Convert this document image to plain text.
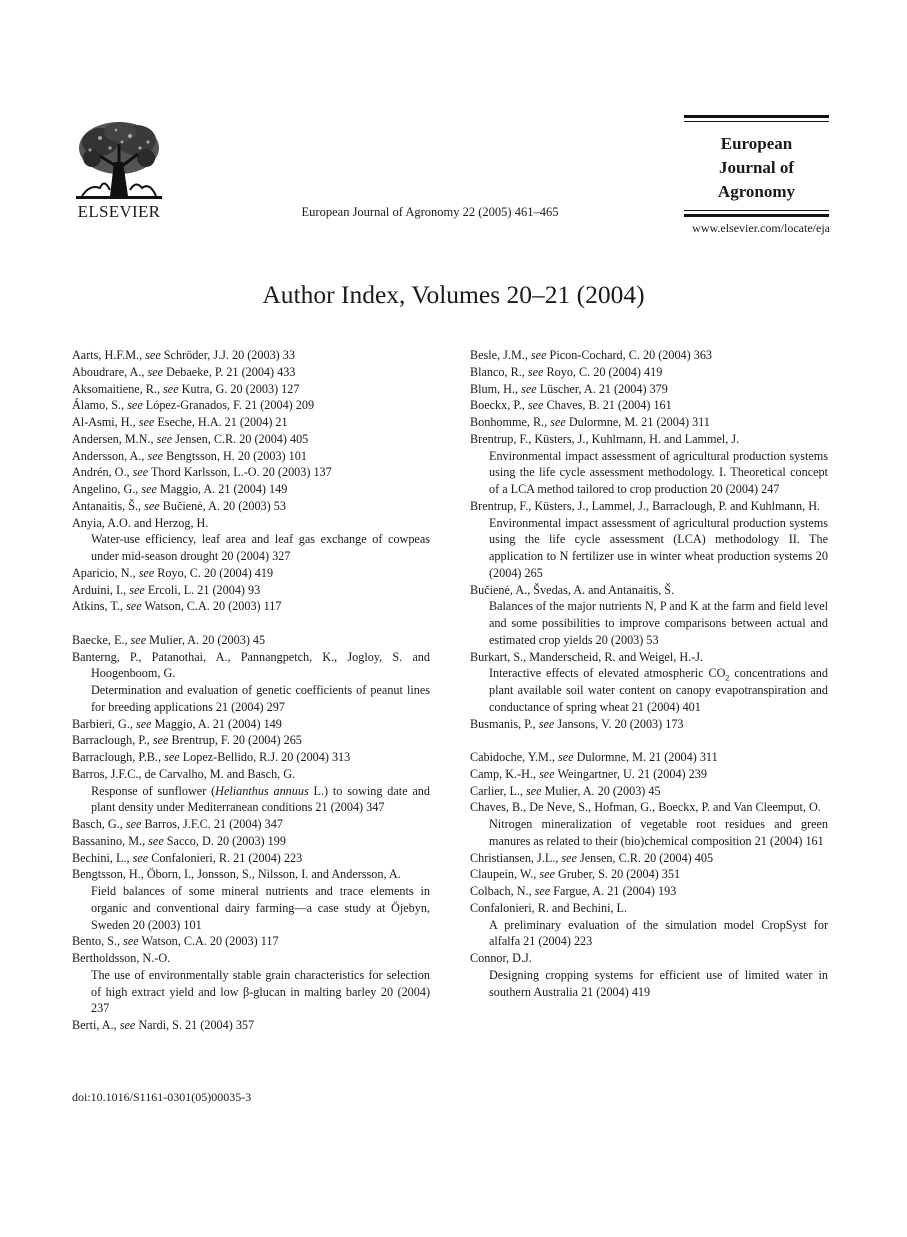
ELSEVIER	European Journal of Agronomy 22 (2005) 461–465
European
Journal of
Agronomy
www.elsevier.com/locate/eja
Author Index, Volumes 20–21 (2004)
Aarts, H.F.M., see Schröder, J.J. 20 (2003) 33
Aboudrare, A., see Debaeke, P. 21 (2004) 433
Aksomaitiene, R., see Kutra, G. 20 (2003) 127
Álamo, S., see López-Granados, F. 21 (2004) 209
Al-Asmi, H., see Eseche, H.A. 21 (2004) 21
Andersen, M.N., see Jensen, C.R. 20 (2004) 405
Andersson, A., see Bengtsson, H. 20 (2003) 101
Andrén, O., see Thord Karlsson, L.-O. 20 (2003) 137
Angelino, G., see Maggio, A. 21 (2004) 149
Antanaitis, Š., see Bučienė, A. 20 (2003) 53
Anyia, A.O. and Herzog, H.
Water-use efficiency, leaf area and leaf gas exchange of cowpeas under mid-season drought 20 (2004) 327
Aparicio, N., see Royo, C. 20 (2004) 419
Arduini, I., see Ercoli, L. 21 (2004) 93
Atkins, T., see Watson, C.A. 20 (2003) 117
Baecke, E., see Mulier, A. 20 (2003) 45
Banterng, P., Patanothai, A., Pannangpetch, K., Jogloy, S. and Hoogenboom, G.
Determination and evaluation of genetic coefficients of peanut lines for breeding applications 21 (2004) 297
Barbieri, G., see Maggio, A. 21 (2004) 149
Barraclough, P., see Brentrup, F. 20 (2004) 265
Barraclough, P.B., see Lopez-Bellido, R.J. 20 (2004) 313
Barros, J.F.C., de Carvalho, M. and Basch, G.
Response of sunflower (Helianthus annuus L.) to sowing date and plant density under Mediterranean conditions 21 (2004) 347
Basch, G., see Barros, J.F.C. 21 (2004) 347
Bassanino, M., see Sacco, D. 20 (2003) 199
Bechini, L., see Confalonieri, R. 21 (2004) 223
Bengtsson, H., Öborn, I., Jonsson, S., Nilsson, I. and Andersson, A.
Field balances of some mineral nutrients and trace elements in organic and conventional dairy farming—a case study at Öjebyn, Sweden 20 (2003) 101
Bento, S., see Watson, C.A. 20 (2003) 117
Bertholdsson, N.-O.
The use of environmentally stable grain characteristics for selection of high extract yield and low β-glucan in malting barley 20 (2004) 237
Berti, A., see Nardi, S. 21 (2004) 357
Besle, J.M., see Picon-Cochard, C. 20 (2004) 363
Blanco, R., see Royo, C. 20 (2004) 419
Blum, H., see Lüscher, A. 21 (2004) 379
Boeckx, P., see Chaves, B. 21 (2004) 161
Bonhomme, R., see Dulormne, M. 21 (2004) 311
Brentrup, F., Küsters, J., Kuhlmann, H. and Lammel, J.
Environmental impact assessment of agricultural production systems using the life cycle assessment methodology. I. Theoretical concept of a LCA method tailored to crop production 20 (2004) 247
Brentrup, F., Küsters, J., Lammel, J., Barraclough, P. and Kuhlmann, H.
Environmental impact assessment of agricultural production systems using the life cycle assessment (LCA) methodology II. The application to N fertilizer use in winter wheat production systems 20 (2004) 265
Bučienė, A., Švedas, A. and Antanaitis, Š.
Balances of the major nutrients N, P and K at the farm and field level and some possibilities to improve comparisons between actual and estimated crop yields 20 (2003) 53
Burkart, S., Manderscheid, R. and Weigel, H.-J.
Interactive effects of elevated atmospheric $CO_2$ concentrations and plant available soil water content on canopy evapotranspiration and conductance of spring wheat 21 (2004) 401
Busmanis, P., see Jansons, V. 20 (2003) 173
Cabidoche, Y.M., see Dulormne, M. 21 (2004) 311
Camp, K.-H., see Weingartner, U. 21 (2004) 239
Carlier, L., see Mulier, A. 20 (2003) 45
Chaves, B., De Neve, S., Hofman, G., Boeckx, P. and Van Cleemput, O.
Nitrogen mineralization of vegetable root residues and green manures as related to their (bio)chemical composition 21 (2004) 161
Christiansen, J.L., see Jensen, C.R. 20 (2004) 405
Claupein, W., see Gruber, S. 20 (2004) 351
Colbach, N., see Fargue, A. 21 (2004) 193
Confalonieri, R. and Bechini, L.
A preliminary evaluation of the simulation model CropSyst for alfalfa 21 (2004) 223
Connor, D.J.
Designing cropping systems for efficient use of limited water in southern Australia 21 (2004) 419
doi:10.1016/S1161-0301(05)00035-3
